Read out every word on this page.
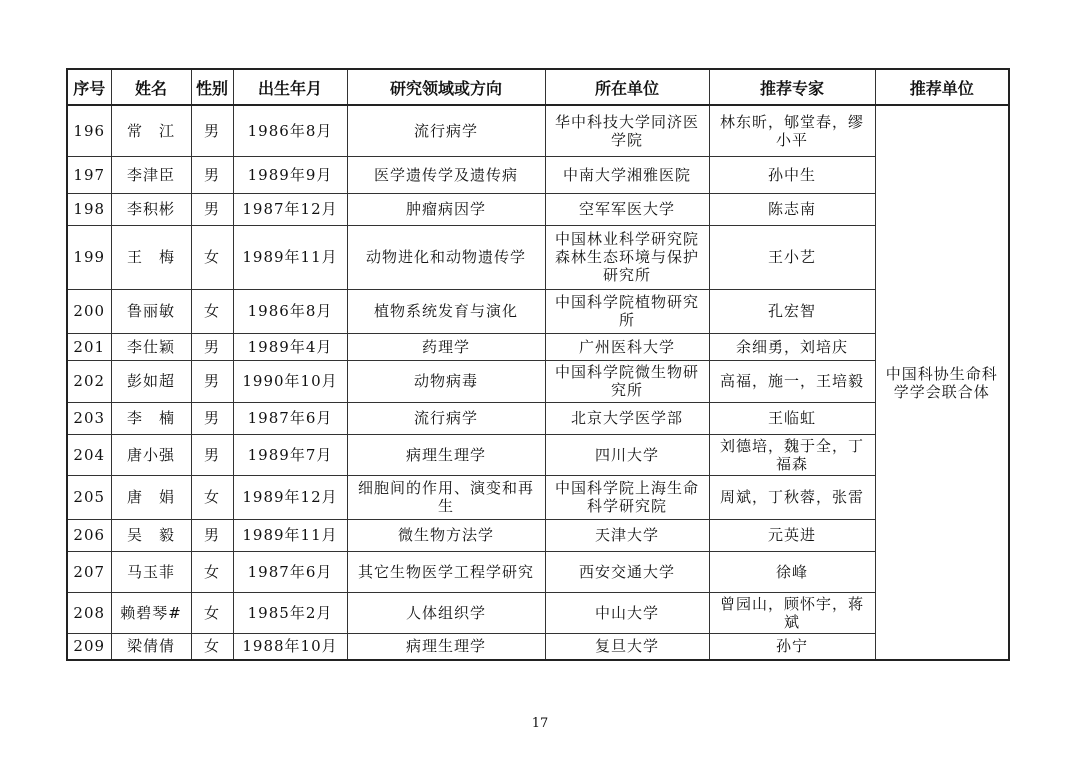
序号	姓名	性别	出生年月	研究领域或方向	所在单位	推荐专家	推荐单位
196	常　江	男	1986年8月	流行病学	华中科技大学同济医学院	林东昕，郇堂春，缪小平	中国科协生命科学学会联合体
197	李津臣	男	1989年9月	医学遗传学及遗传病	中南大学湘雅医院	孙中生	
198	李积彬	男	1987年12月	肿瘤病因学	空军军医大学	陈志南	
199	王　梅	女	1989年11月	动物进化和动物遗传学	中国林业科学研究院森林生态环境与保护研究所	王小艺	
200	鲁丽敏	女	1986年8月	植物系统发育与演化	中国科学院植物研究所	孔宏智	
201	李仕颖	男	1989年4月	药理学	广州医科大学	余细勇，刘培庆	
202	彭如超	男	1990年10月	动物病毒	中国科学院微生物研究所	高福，施一，王培毅	
203	李　楠	男	1987年6月	流行病学	北京大学医学部	王临虹	
204	唐小强	男	1989年7月	病理生理学	四川大学	刘德培，魏于全，丁福森	
205	唐　娟	女	1989年12月	细胞间的作用、演变和再生	中国科学院上海生命科学研究院	周斌，丁秋蓉，张雷	
206	吴　毅	男	1989年11月	微生物方法学	天津大学	元英进	
207	马玉菲	女	1987年6月	其它生物医学工程学研究	西安交通大学	徐峰	
208	赖碧琴#	女	1985年2月	人体组织学	中山大学	曾园山，顾怀宇，蒋斌	
209	梁倩倩	女	1988年10月	病理生理学	复旦大学	孙宁	
17
